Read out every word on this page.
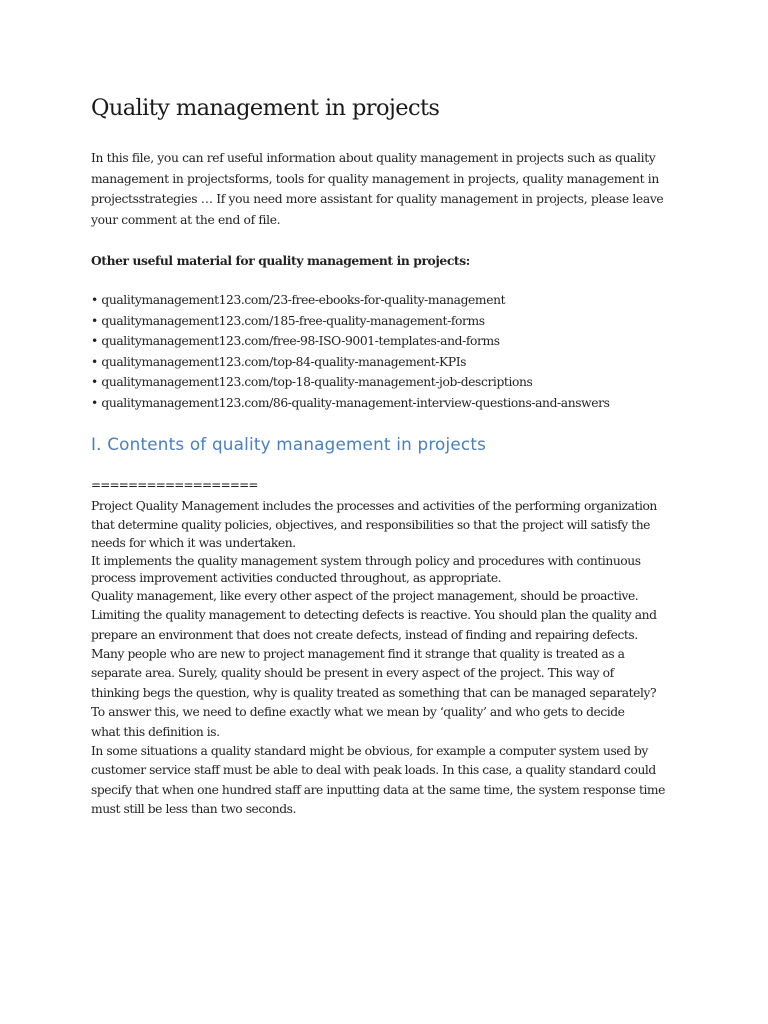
Quality management in projects

In this file, you can ref useful information about quality management in projects such as quality
management in projectsforms, tools for quality management in projects, quality management in
projectsstrategies … If you need more assistant for quality management in projects, please leave
your comment at the end of file.

Other useful material for quality management in projects:

• qualitymanagement123.com/23-free-ebooks-for-quality-management
• qualitymanagement123.com/185-free-quality-management-forms
• qualitymanagement123.com/free-98-ISO-9001-templates-and-forms
• qualitymanagement123.com/top-84-quality-management-KPIs
• qualitymanagement123.com/top-18-quality-management-job-descriptions
• qualitymanagement123.com/86-quality-management-interview-questions-and-answers
I. Contents of quality management in projects
==================
Project Quality Management includes the processes and activities of the performing organization
that determine quality policies, objectives, and responsibilities so that the project will satisfy the
needs for which it was undertaken.
It implements the quality management system through policy and procedures with continuous
process improvement activities conducted throughout, as appropriate.
Quality management, like every other aspect of the project management, should be proactive.
Limiting the quality management to detecting defects is reactive. You should plan the quality and
prepare an environment that does not create defects, instead of finding and repairing defects.
Many people who are new to project management find it strange that quality is treated as a
separate area. Surely, quality should be present in every aspect of the project. This way of
thinking begs the question, why is quality treated as something that can be managed separately?
To answer this, we need to define exactly what we mean by ‘quality’ and who gets to decide
what this definition is.
In some situations a quality standard might be obvious, for example a computer system used by
customer service staff must be able to deal with peak loads. In this case, a quality standard could
specify that when one hundred staff are inputting data at the same time, the system response time
must still be less than two seconds.
